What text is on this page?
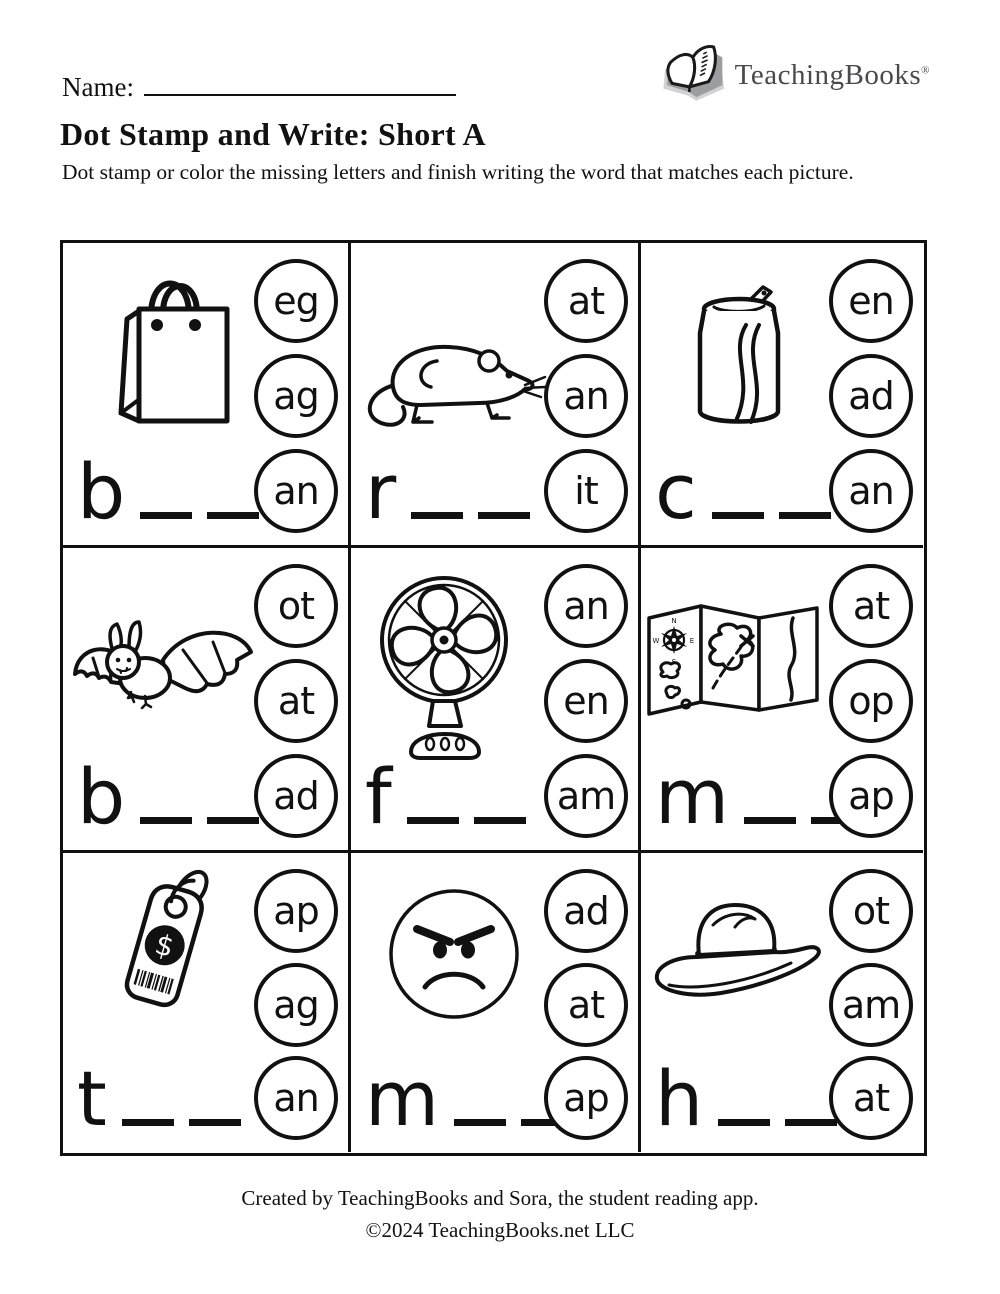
Name:	TeachingBooks®
Dot Stamp and Write: Short A
Dot stamp or color the missing letters and finish writing the word that matches each picture.
b
eg
ag
an r
at
an
it c
en
ad
an
b
ot
at
ad f
an
en
am
N
E
W
m
at
op
ap
$
t
ap
ag
an m
ad
at
ap h
ot
am
at
Created by TeachingBooks and Sora, the student reading app.
©2024 TeachingBooks.net LLC
